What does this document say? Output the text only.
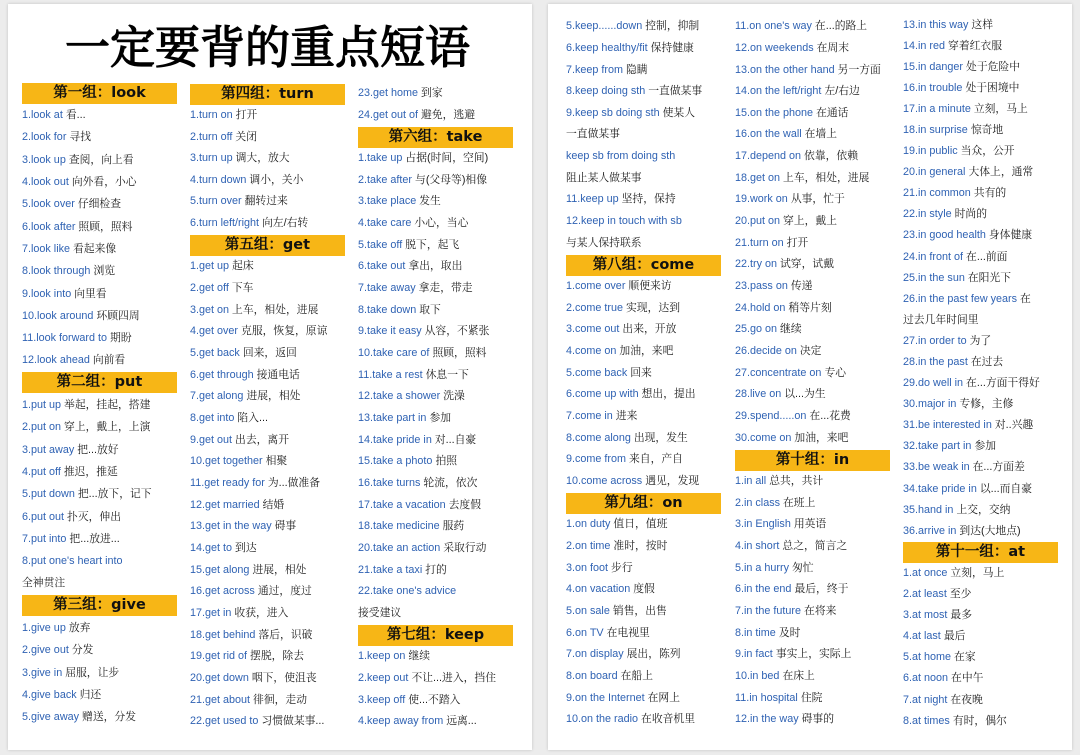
一定要背的重点短语
第一组：look
1.look at 看...
2.look for 寻找
3.look up 查阅，向上看
4.look out 向外看，小心
5.look over 仔细检查
6.look after 照顾，照料
7.look like 看起来像
8.look through 浏览
9.look into 向里看
10.look around 环顾四周
11.look forward to 期盼
12.look ahead 向前看
第二组：put
1.put up 举起，挂起，搭建
2.put on 穿上，戴上，上演
3.put away 把...放好
4.put off 推迟，推延
5.put down 把...放下，记下
6.put out 扑灭，伸出
7.put into 把...放进...
8.put one's heart into
全神贯注
第三组：give
1.give up 放弃
2.give out 分发
3.give in 屈服，让步
4.give back 归还
5.give away 赠送，分发
第四组：turn
1.turn on 打开
2.turn off 关闭
3.turn up 调大，放大
4.turn down 调小，关小
5.turn over 翻转过来
6.turn left/right 向左/右转
第五组：get
1.get up 起床
2.get off 下车
3.get on 上车，相处，进展
4.get over 克服，恢复，原谅
5.get back 回来，返回
6.get through 接通电话
7.get along 进展，相处
8.get into 陷入...
9.get out 出去，离开
10.get together 相聚
11.get ready for 为...做准备
12.get married 结婚
13.get in the way 碍事
14.get to 到达
15.get along 进展，相处
16.get across 通过，度过
17.get in 收获，进入
18.get behind 落后，识破
19.get rid of 摆脱，除去
20.get down 咽下，使沮丧
21.get about 徘徊，走动
22.get used to 习惯做某事...
23.get home 到家
24.get out of 避免，逃避
第六组：take
1.take up 占据(时间，空间)
2.take after 与(父母等)相像
3.take place 发生
4.take care 小心，当心
5.take off 脱下，起飞
6.take out 拿出，取出
7.take away 拿走，带走
8.take down 取下
9.take it easy 从容，不紧张
10.take care of 照顾，照料
11.take a rest 休息一下
12.take a shower 洗澡
13.take part in 参加
14.take pride in 对...自豪
15.take a photo 拍照
16.take turns 轮流，依次
17.take a vacation 去度假
18.take medicine 服药
20.take an action 采取行动
21.take a taxi 打的
22.take one's advice
接受建议
第七组：keep
1.keep on 继续
2.keep out 不让...进入，挡住
3.keep off 使...不踏入
4.keep away from 远离...
5.keep......down 控制，抑制
6.keep healthy/fit 保持健康
7.keep from 隐瞒
8.keep doing sth 一直做某事
9.keep sb doing sth 使某人
一直做某事
keep sb from doing sth
阻止某人做某事
11.keep up 坚持，保持
12.keep in touch with sb
与某人保持联系
第八组：come
1.come over 顺便来访
2.come true 实现，达到
3.come out 出来，开放
4.come on 加油，来吧
5.come back 回来
6.come up with 想出，提出
7.come in 进来
8.come along 出现，发生
9.come from 来自，产自
10.come across 遇见，发现
第九组：on
1.on duty 值日，值班
2.on time 准时，按时
3.on foot 步行
4.on vacation 度假
5.on sale 销售，出售
6.on TV 在电视里
7.on display 展出，陈列
8.on board 在船上
9.on the Internet 在网上
10.on the radio 在收音机里
11.on one's way 在...的路上
12.on weekends 在周末
13.on the other hand 另一方面
14.on the left/right 左/右边
15.on the phone 在通话
16.on the wall 在墙上
17.depend on 依靠，依赖
18.get on 上车，相处，进展
19.work on 从事，忙于
20.put on 穿上，戴上
21.turn on 打开
22.try on 试穿，试戴
23.pass on 传递
24.hold on 稍等片刻
25.go on 继续
26.decide on 决定
27.concentrate on 专心
28.live on 以...为生
29.spend.....on 在...花费
30.come on 加油，来吧
第十组：in
1.in all 总共，共计
2.in class 在班上
3.in English 用英语
4.in short 总之，简言之
5.in a hurry 匆忙
6.in the end 最后，终于
7.in the future 在将来
8.in time 及时
9.in fact 事实上，实际上
10.in bed 在床上
11.in hospital 住院
12.in the way 碍事的
13.in this way 这样
14.in red 穿着红衣服
15.in danger 处于危险中
16.in trouble 处于困境中
17.in a minute 立刻，马上
18.in surprise 惊奇地
19.in public 当众，公开
20.in general 大体上，通常
21.in common 共有的
22.in style 时尚的
23.in good health 身体健康
24.in front of 在...前面
25.in the sun 在阳光下
26.in the past few years 在
过去几年时间里
27.in order to 为了
28.in the past 在过去
29.do well in 在...方面干得好
30.major in 专修，主修
31.be interested in 对..兴趣
32.take part in 参加
33.be weak in 在...方面差
34.take pride in 以...而自豪
35.hand in 上交，交纳
36.arrive in 到达(大地点)
第十一组：at
1.at once 立刻，马上
2.at least 至少
3.at most 最多
4.at last 最后
5.at home 在家
6.at noon 在中午
7.at night 在夜晚
8.at times 有时，偶尔
